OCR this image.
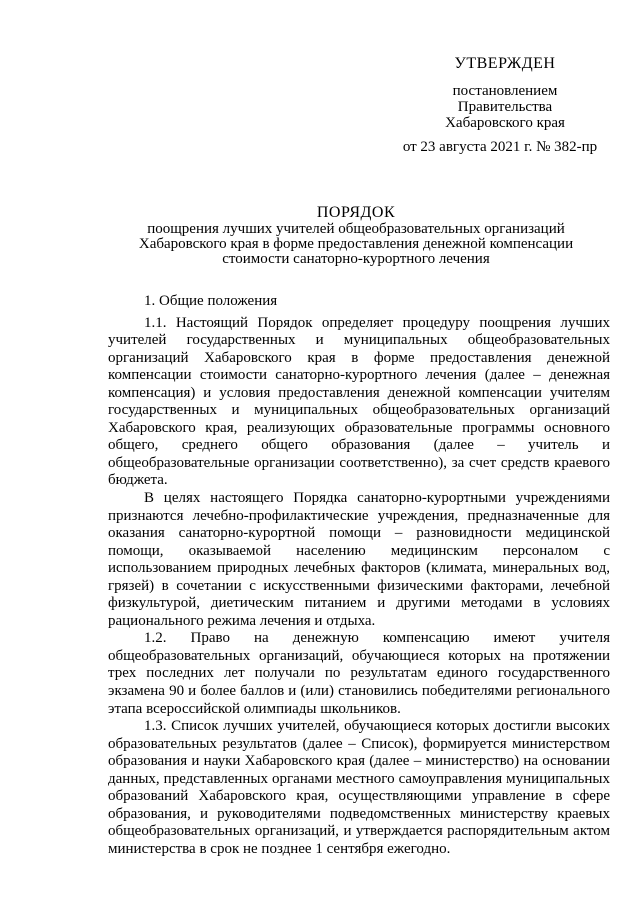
УТВЕРЖДЕН
постановлением
Правительства
Хабаровского края
от 23 августа 2021 г. № 382-пр
ПОРЯДОК
поощрения лучших учителей общеобразовательных организаций
Хабаровского края в форме предоставления денежной компенсации
стоимости санаторно-курортного лечения

1. Общие положения

1.1. Настоящий Порядок определяет процедуру поощрения лучших учителей государственных и муниципальных общеобразовательных организаций Хабаровского края в форме предоставления денежной компенсации стоимости санаторно-курортного лечения (далее – денежная компенсация) и условия предоставления денежной компенсации учителям государственных и муниципальных общеобразовательных организаций Хабаровского края, реализующих образовательные программы основного общего, среднего общего образования (далее – учитель и общеобразовательные организации соответственно), за счет средств краевого бюджета.

В целях настоящего Порядка санаторно-курортными учреждениями признаются лечебно-профилактические учреждения, предназначенные для оказания санаторно-курортной помощи – разновидности медицинской помощи, оказываемой населению медицинским персоналом с использованием природных лечебных факторов (климата, минеральных вод, грязей) в сочетании с искусственными физическими факторами, лечебной физкультурой, диетическим питанием и другими методами в условиях рационального режима лечения и отдыха.

1.2. Право на денежную компенсацию имеют учителя общеобразовательных организаций, обучающиеся которых на протяжении трех последних лет получали по результатам единого государственного экзамена 90 и более баллов и (или) становились победителями регионального этапа всероссийской олимпиады школьников.

1.3. Список лучших учителей, обучающиеся которых достигли высоких образовательных результатов (далее – Список), формируется министерством образования и науки Хабаровского края (далее – министерство) на основании данных, представленных органами местного самоуправления муниципальных образований Хабаровского края, осуществляющими управление в сфере образования, и руководителями подведомственных министерству краевых общеобразовательных организаций, и утверждается распорядительным актом министерства в срок не позднее 1 сентября ежегодно.
